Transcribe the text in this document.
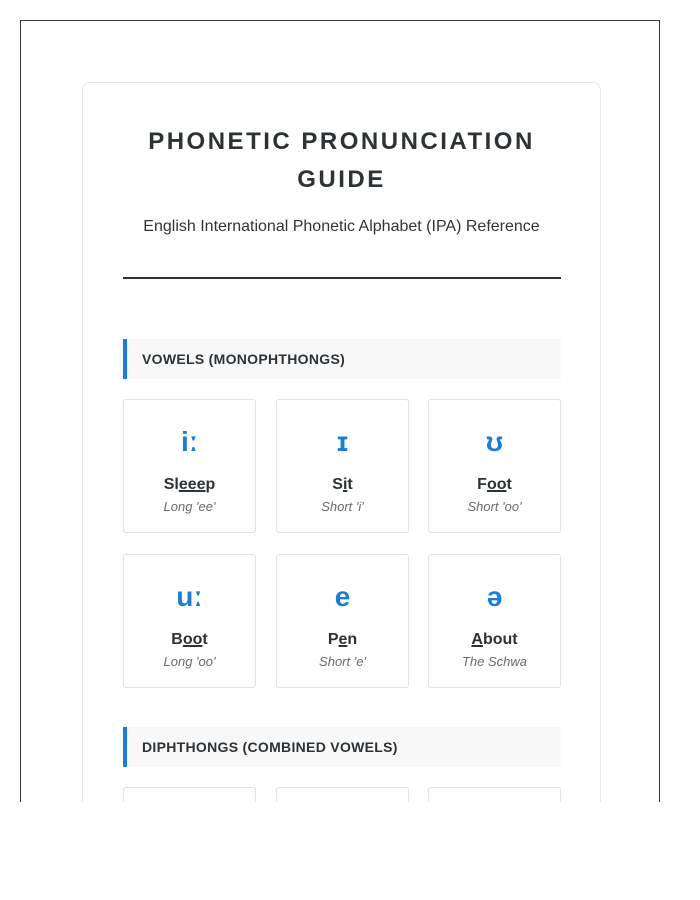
PHONETIC PRONUNCIATION GUIDE
English International Phonetic Alphabet (IPA) Reference
VOWELS (MONOPHTHONGS)
iː
Sleeep
Long 'ee'
ɪ
Sit
Short 'i'
ʊ
Foot
Short 'oo'
uː
Boot
Long 'oo'
e
Pen
Short 'e'
ə
About
The Schwa
DIPHTHONGS (COMBINED VOWELS)
